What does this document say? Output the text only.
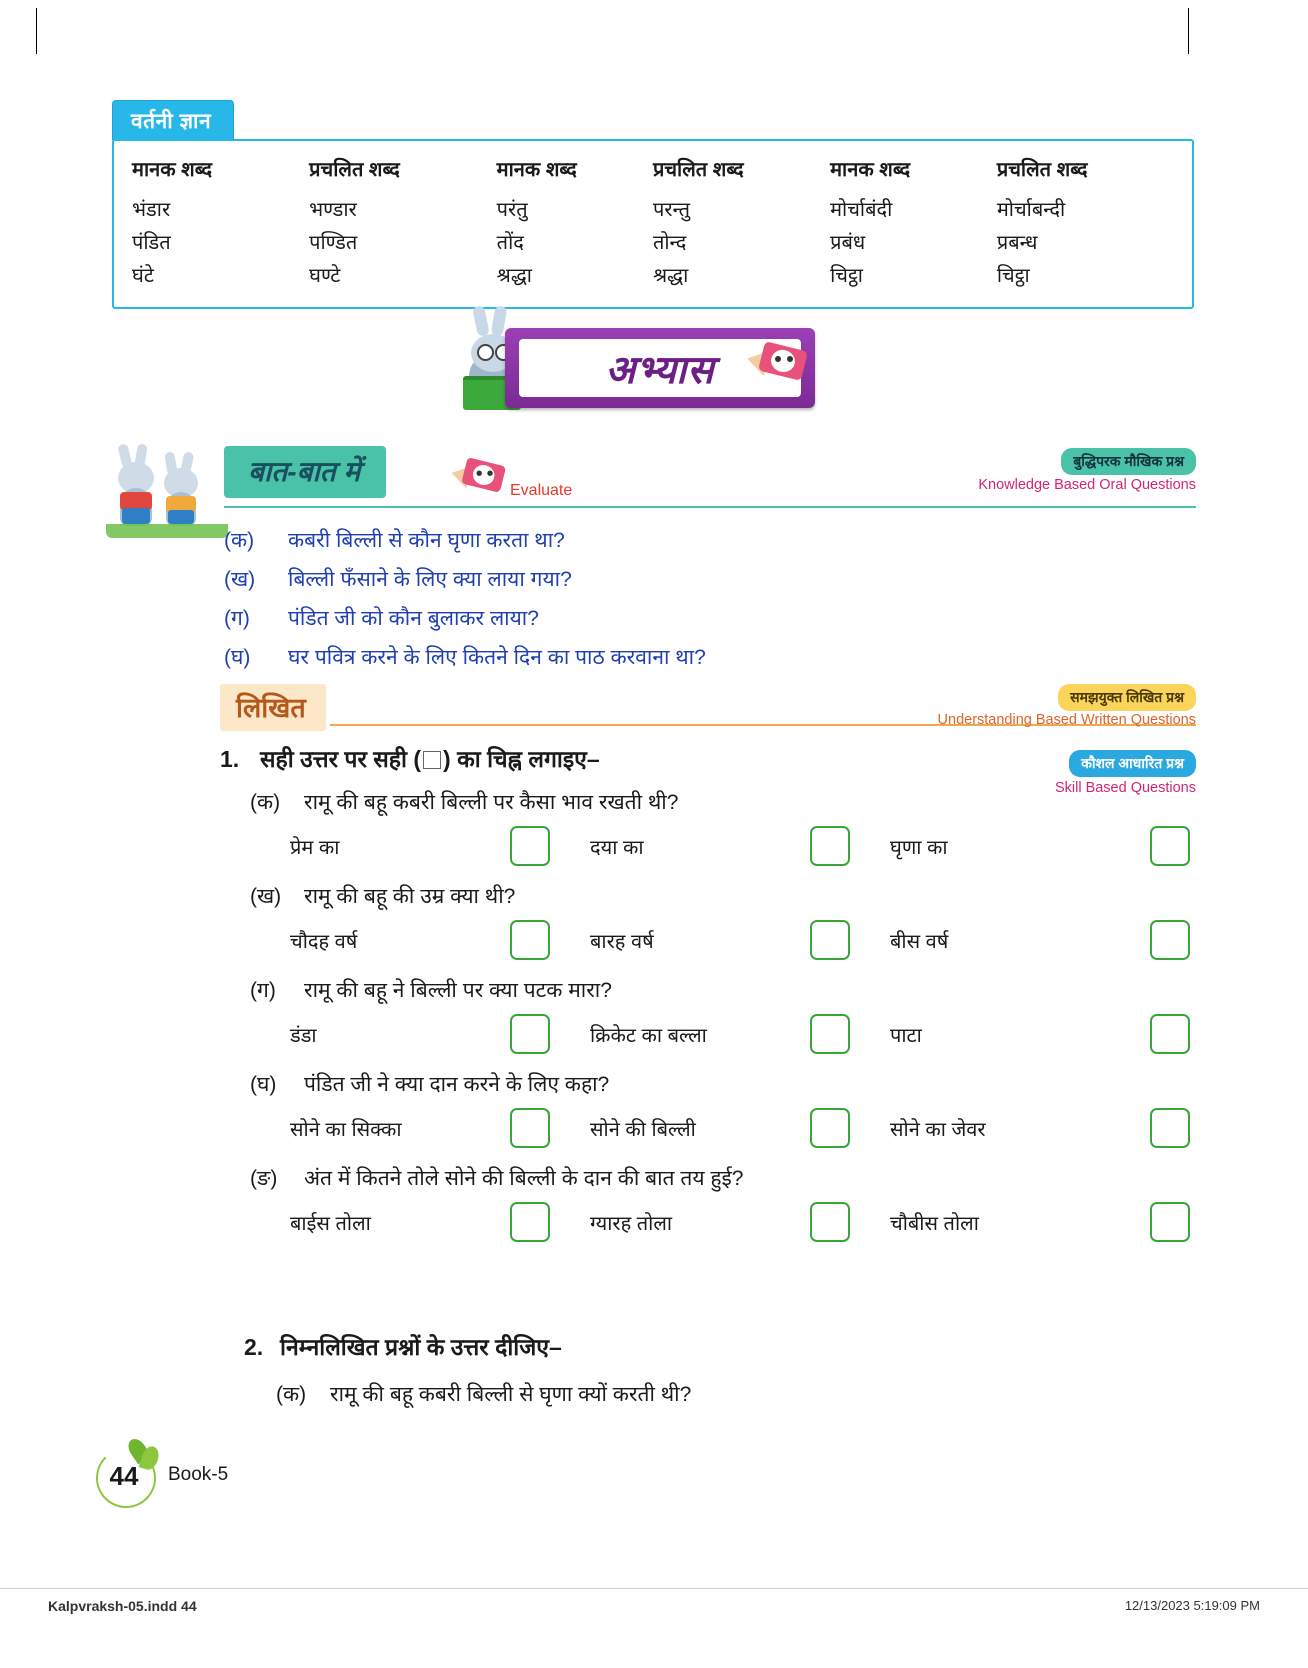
वर्तनी ज्ञान
मानक शब्द	प्रचलित शब्द	मानक शब्द	प्रचलित शब्द	मानक शब्द	प्रचलित शब्द
भंडार	भण्डार	परंतु	परन्तु	मोर्चाबंदी	मोर्चाबन्दी
पंडित	पण्डित	तोंद	तोन्द	प्रबंध	प्रबन्ध
घंटे	घण्टे	श्रद्धा	श्रद्धा	चिट्ठा	चिट्ठा
अभ्यास
बात-बात में
Evaluate
बुद्धिपरक मौखिक प्रश्न
Knowledge Based Oral Questions
(क)	कबरी बिल्ली से कौन घृणा करता था?
(ख)	बिल्ली फँसाने के लिए क्या लाया गया?
(ग)	पंडित जी को कौन बुलाकर लाया?
(घ)	घर पवित्र करने के लिए कितने दिन का पाठ करवाना था?
लिखित	समझयुक्त लिखित प्रश्न
Understanding Based Written Questions
कौशल आधारित प्रश्न
Skill Based Questions
1. सही उत्तर पर सही ( ) का चिह्न लगाइए–
(क)	रामू की बहू कबरी बिल्ली पर कैसा भाव रखती थी?
प्रेम का	दया का	घृणा का
(ख)	रामू की बहू की उम्र क्या थी?
चौदह वर्ष	बारह वर्ष	बीस वर्ष
(ग)	रामू की बहू ने बिल्ली पर क्या पटक मारा?
डंडा	क्रिकेट का बल्ला	पाटा
(घ)	पंडित जी ने क्या दान करने के लिए कहा?
सोने का सिक्का	सोने की बिल्ली	सोने का जेवर
(ङ)	अंत में कितने तोले सोने की बिल्ली के दान की बात तय हुई?
बाईस तोला	ग्यारह तोला	चौबीस तोला
2. निम्नलिखित प्रश्नों के उत्तर दीजिए–
(क)	रामू की बहू कबरी बिल्ली से घृणा क्यों करती थी?
44	Book-5
Kalpvraksh-05.indd 44	12/13/2023 5:19:09 PM
